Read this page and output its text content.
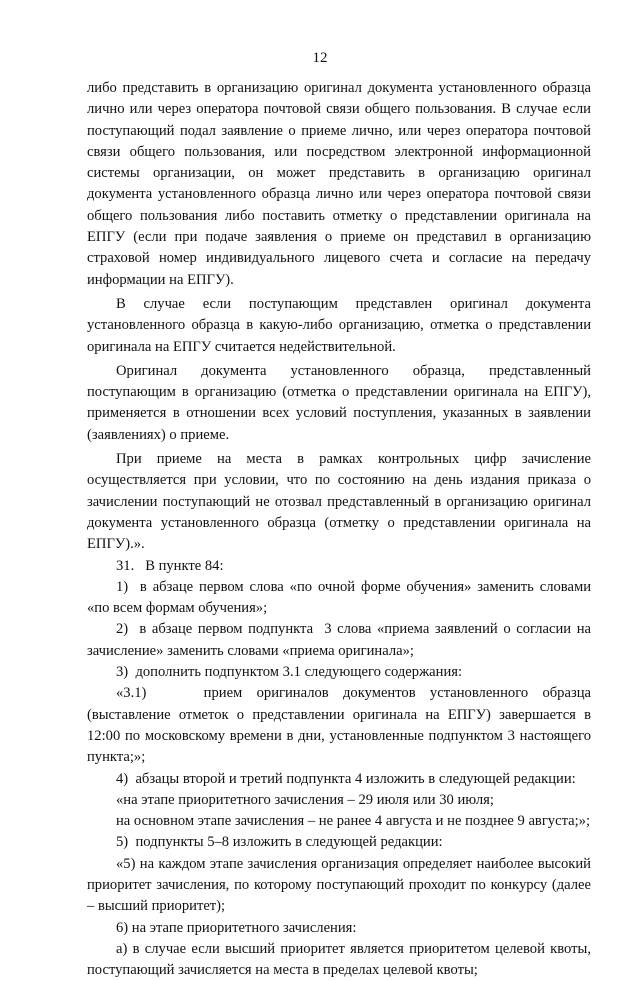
12

либо представить в организацию оригинал документа установленного образца лично или через оператора почтовой связи общего пользования. В случае если поступающий подал заявление о приеме лично, или через оператора почтовой связи общего пользования, или посредством электронной информационной системы организации, он может представить в организацию оригинал документа установленного образца лично или через оператора почтовой связи общего пользования либо поставить отметку о представлении оригинала на ЕПГУ (если при подаче заявления о приеме он представил в организацию страховой номер индивидуального лицевого счета и согласие на передачу информации на ЕПГУ).

В случае если поступающим представлен оригинал документа установленного образца в какую-либо организацию, отметка о представлении оригинала на ЕПГУ считается недействительной.

Оригинал документа установленного образца, представленный поступающим в организацию (отметка о представлении оригинала на ЕПГУ), применяется в отношении всех условий поступления, указанных в заявлении (заявлениях) о приеме.

При приеме на места в рамках контрольных цифр зачисление осуществляется при условии, что по состоянию на день издания приказа о зачислении поступающий не отозвал представленный в организацию оригинал документа установленного образца (отметку о представлении оригинала на ЕПГУ).».

31.   В пункте 84:

1)  в абзаце первом слова «по очной форме обучения» заменить словами «по всем формам обучения»;

2)  в абзаце первом подпункта  3 слова «приема заявлений о согласии на зачисление» заменить словами «приема оригинала»;

3)  дополнить подпунктом 3.1 следующего содержания:

«3.1)    прием оригиналов документов установленного образца (выставление отметок о представлении оригинала на ЕПГУ) завершается в 12:00 по московскому времени в дни, установленные подпунктом 3 настоящего пункта;»;

4)  абзацы второй и третий подпункта 4 изложить в следующей редакции:

«на этапе приоритетного зачисления – 29 июля или 30 июля;

на основном этапе зачисления – не ранее 4 августа и не позднее 9 августа;»;

5)  подпункты 5–8 изложить в следующей редакции:

«5) на каждом этапе зачисления организация определяет наиболее высокий приоритет зачисления, по которому поступающий проходит по конкурсу (далее – высший приоритет);

6) на этапе приоритетного зачисления:

а) в случае если высший приоритет является приоритетом целевой квоты, поступающий зачисляется на места в пределах целевой квоты;
